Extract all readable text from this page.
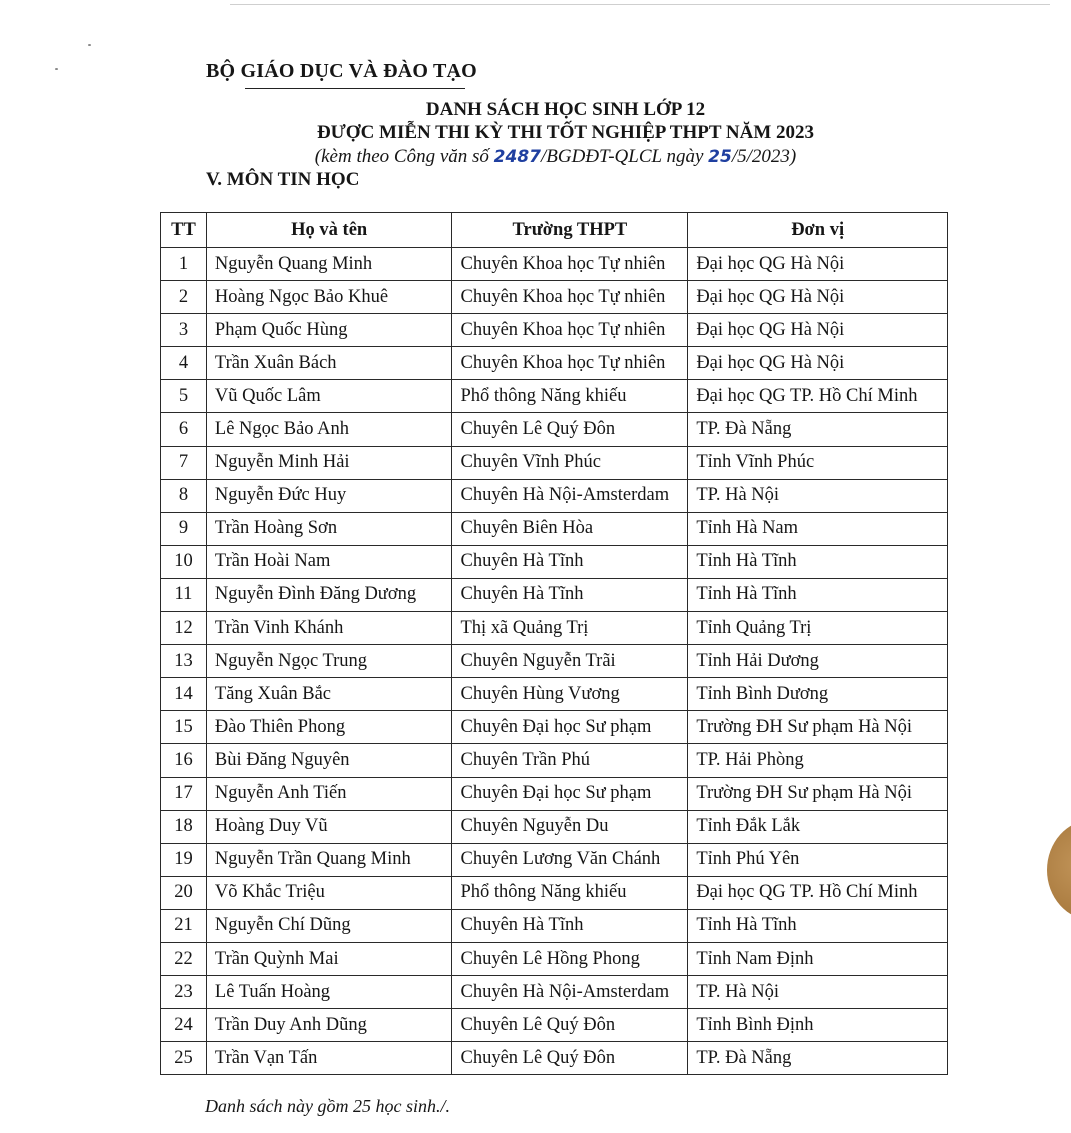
BỘ GIÁO DỤC VÀ ĐÀO TẠO
DANH SÁCH HỌC SINH LỚP 12
ĐƯỢC MIỄN THI KỲ THI TỐT NGHIỆP THPT NĂM 2023
(kèm theo Công văn số 2487/BGDĐT-QLCL ngày 25/5/2023)
V. MÔN TIN HỌC
TT	Họ và tên	Trường THPT	Đơn vị
1	Nguyễn Quang Minh	Chuyên Khoa học Tự nhiên	Đại học QG Hà Nội
2	Hoàng Ngọc Bảo Khuê	Chuyên Khoa học Tự nhiên	Đại học QG Hà Nội
3	Phạm Quốc Hùng	Chuyên Khoa học Tự nhiên	Đại học QG Hà Nội
4	Trần Xuân Bách	Chuyên Khoa học Tự nhiên	Đại học QG Hà Nội
5	Vũ Quốc Lâm	Phổ thông Năng khiếu	Đại học QG TP. Hồ Chí Minh
6	Lê Ngọc Bảo Anh	Chuyên Lê Quý Đôn	TP. Đà Nẵng
7	Nguyễn Minh Hải	Chuyên Vĩnh Phúc	Tỉnh Vĩnh Phúc
8	Nguyễn Đức Huy	Chuyên Hà Nội-Amsterdam	TP. Hà Nội
9	Trần Hoàng Sơn	Chuyên Biên Hòa	Tỉnh Hà Nam
10	Trần Hoài Nam	Chuyên Hà Tĩnh	Tỉnh Hà Tĩnh
11	Nguyễn Đình Đăng Dương	Chuyên Hà Tĩnh	Tỉnh Hà Tĩnh
12	Trần Vinh Khánh	Thị xã Quảng Trị	Tỉnh Quảng Trị
13	Nguyễn Ngọc Trung	Chuyên Nguyễn Trãi	Tỉnh Hải Dương
14	Tăng Xuân Bắc	Chuyên Hùng Vương	Tỉnh Bình Dương
15	Đào Thiên Phong	Chuyên Đại học Sư phạm	Trường ĐH Sư phạm Hà Nội
16	Bùi Đăng Nguyên	Chuyên Trần Phú	TP. Hải Phòng
17	Nguyễn Anh Tiến	Chuyên Đại học Sư phạm	Trường ĐH Sư phạm Hà Nội
18	Hoàng Duy Vũ	Chuyên Nguyễn Du	Tỉnh Đắk Lắk
19	Nguyễn Trần Quang Minh	Chuyên Lương Văn Chánh	Tỉnh Phú Yên
20	Võ Khắc Triệu	Phổ thông Năng khiếu	Đại học QG TP. Hồ Chí Minh
21	Nguyễn Chí Dũng	Chuyên Hà Tĩnh	Tỉnh Hà Tĩnh
22	Trần Quỳnh Mai	Chuyên Lê Hồng Phong	Tỉnh Nam Định
23	Lê Tuấn Hoàng	Chuyên Hà Nội-Amsterdam	TP. Hà Nội
24	Trần Duy Anh Dũng	Chuyên Lê Quý Đôn	Tỉnh Bình Định
25	Trần Vạn Tấn	Chuyên Lê Quý Đôn	TP. Đà Nẵng
Danh sách này gồm 25 học sinh./.
